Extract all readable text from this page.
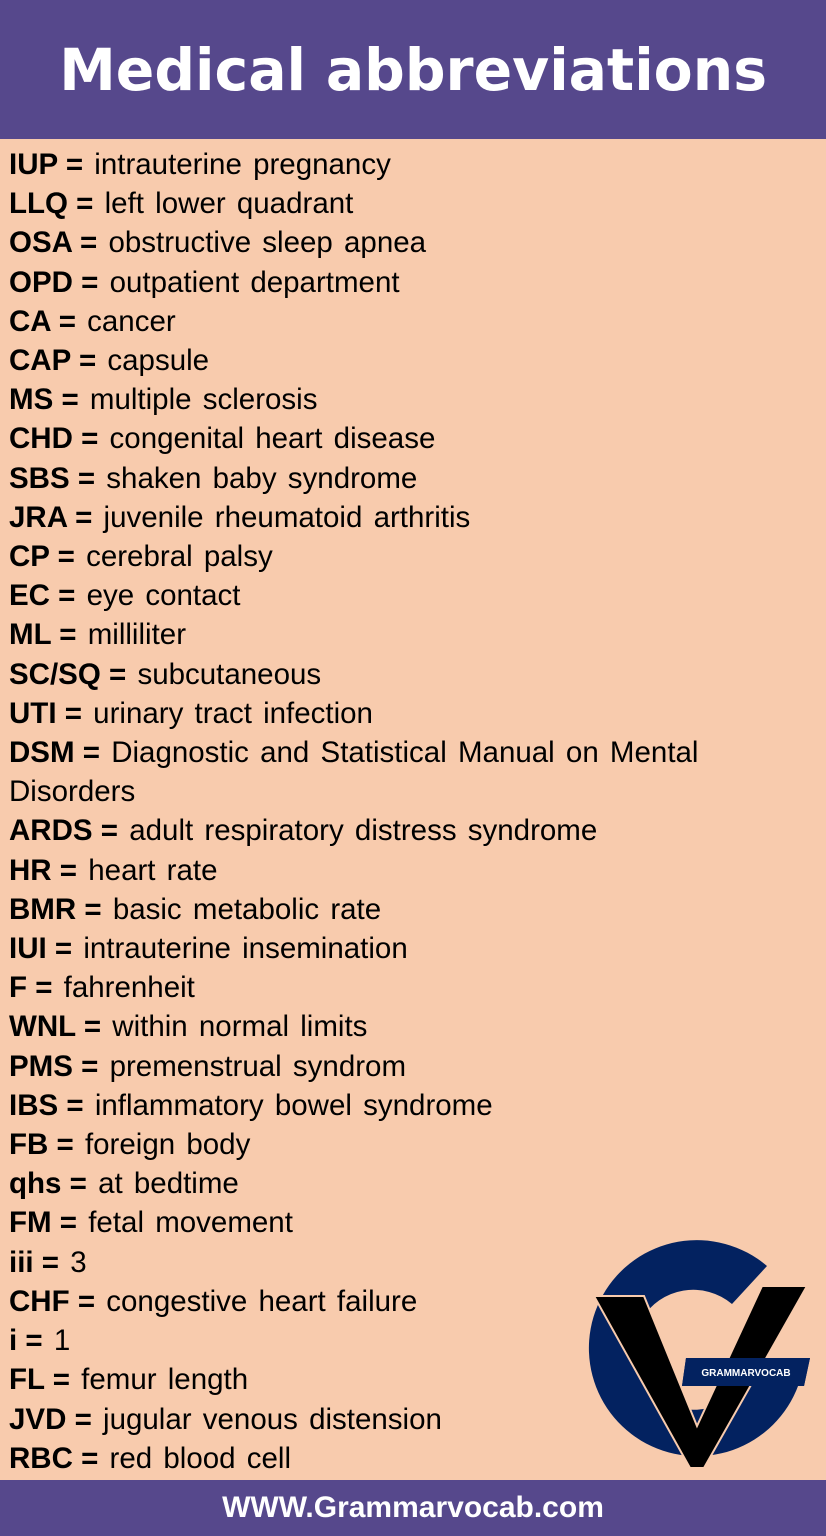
Medical abbreviations
IUP = intrauterine pregnancy
LLQ = left lower quadrant
OSA = obstructive sleep apnea
OPD = outpatient department
CA = cancer
CAP = capsule
MS = multiple sclerosis
CHD = congenital heart disease
SBS = shaken baby syndrome
JRA = juvenile rheumatoid arthritis
CP = cerebral palsy
EC = eye contact
ML = milliliter
SC/SQ = subcutaneous
UTI = urinary tract infection
DSM = Diagnostic and Statistical Manual on Mental Disorders
ARDS = adult respiratory distress syndrome
HR = heart rate
BMR = basic metabolic rate
IUI = intrauterine insemination
F = fahrenheit
WNL = within normal limits
PMS = premenstrual syndrom
IBS = inflammatory bowel syndrome
FB = foreign body
qhs = at bedtime
FM = fetal movement
iii = 3
CHF = congestive heart failure
i = 1
FL = femur length
JVD = jugular venous distension
RBC = red blood cell
GRAMMARVOCAB
WWW.Grammarvocab.com
